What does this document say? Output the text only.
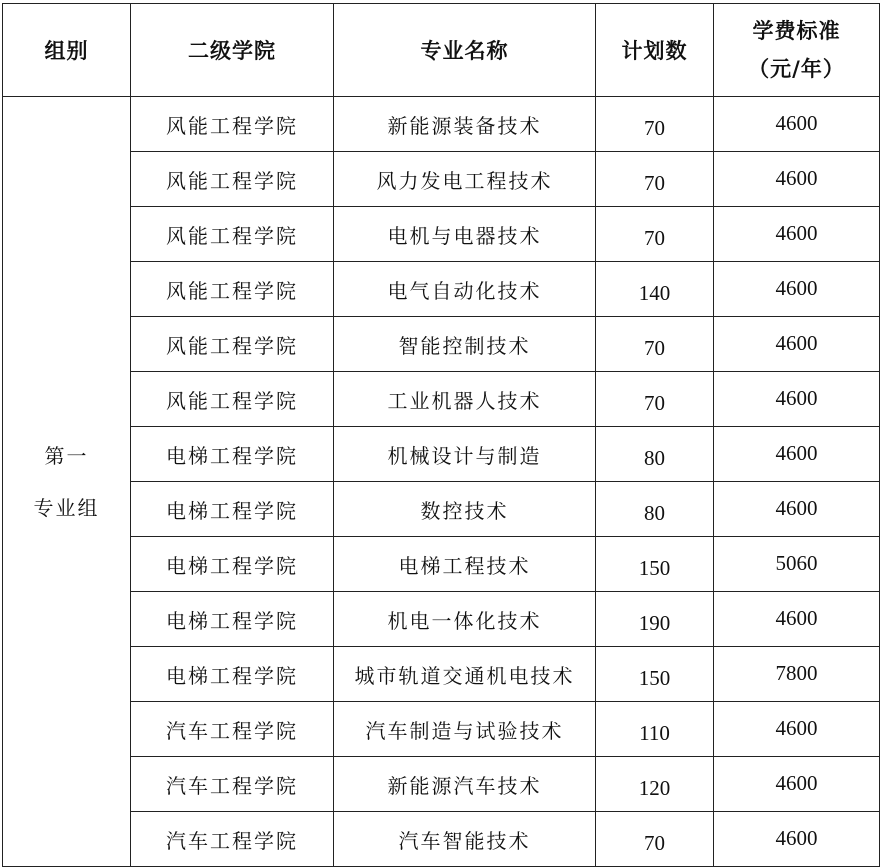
组别	二级学院	专业名称	计划数	学费标准
（元/年）

第一
专业组	风能工程学院	新能源装备技术	70	4600
	风能工程学院	风力发电工程技术	70	4600
	风能工程学院	电机与电器技术	70	4600
	风能工程学院	电气自动化技术	140	4600
	风能工程学院	智能控制技术	70	4600
	风能工程学院	工业机器人技术	70	4600
	电梯工程学院	机械设计与制造	80	4600
	电梯工程学院	数控技术	80	4600
	电梯工程学院	电梯工程技术	150	5060
	电梯工程学院	机电一体化技术	190	4600
	电梯工程学院	城市轨道交通机电技术	150	7800
	汽车工程学院	汽车制造与试验技术	110	4600
	汽车工程学院	新能源汽车技术	120	4600
	汽车工程学院	汽车智能技术	70	4600
